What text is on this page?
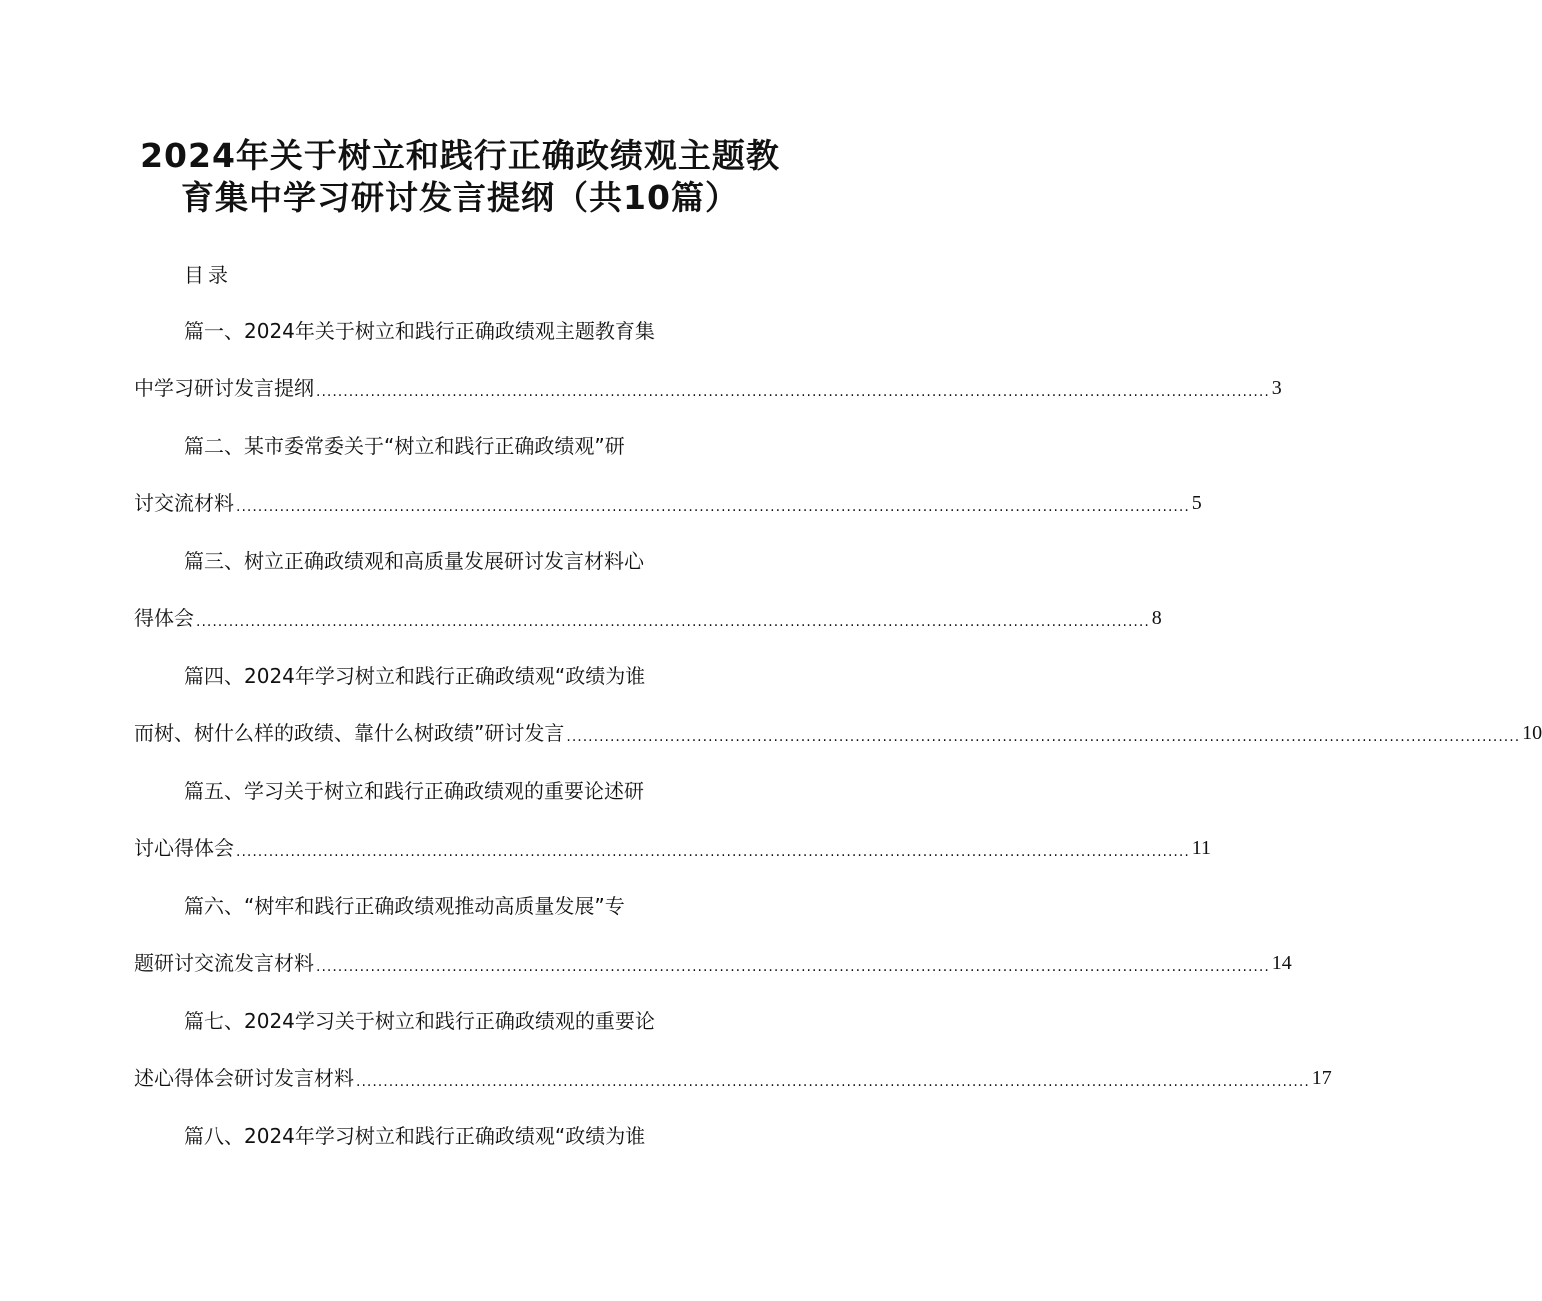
2024年关于树立和践行正确政绩观主题教
育集中学习研讨发言提纲（共10篇）
目录
篇一、2024年关于树立和践行正确政绩观主题教育集
中学习研讨发言提纲 ............................................................................................................................................................................... 3
篇二、某市委常委关于“树立和践行正确政绩观”研
讨交流材料 ............................................................................................................................................................................... 5
篇三、树立正确政绩观和高质量发展研讨发言材料心
得体会 ............................................................................................................................................................................... 8
篇四、2024年学习树立和践行正确政绩观“政绩为谁
而树、树什么样的政绩、靠什么树政绩”研讨发言 ............................................................................................................................................................................... 10
篇五、学习关于树立和践行正确政绩观的重要论述研
讨心得体会 ............................................................................................................................................................................... 11
篇六、“树牢和践行正确政绩观推动高质量发展”专
题研讨交流发言材料 ............................................................................................................................................................................... 14
篇七、2024学习关于树立和践行正确政绩观的重要论
述心得体会研讨发言材料 ............................................................................................................................................................................... 17
篇八、2024年学习树立和践行正确政绩观“政绩为谁
